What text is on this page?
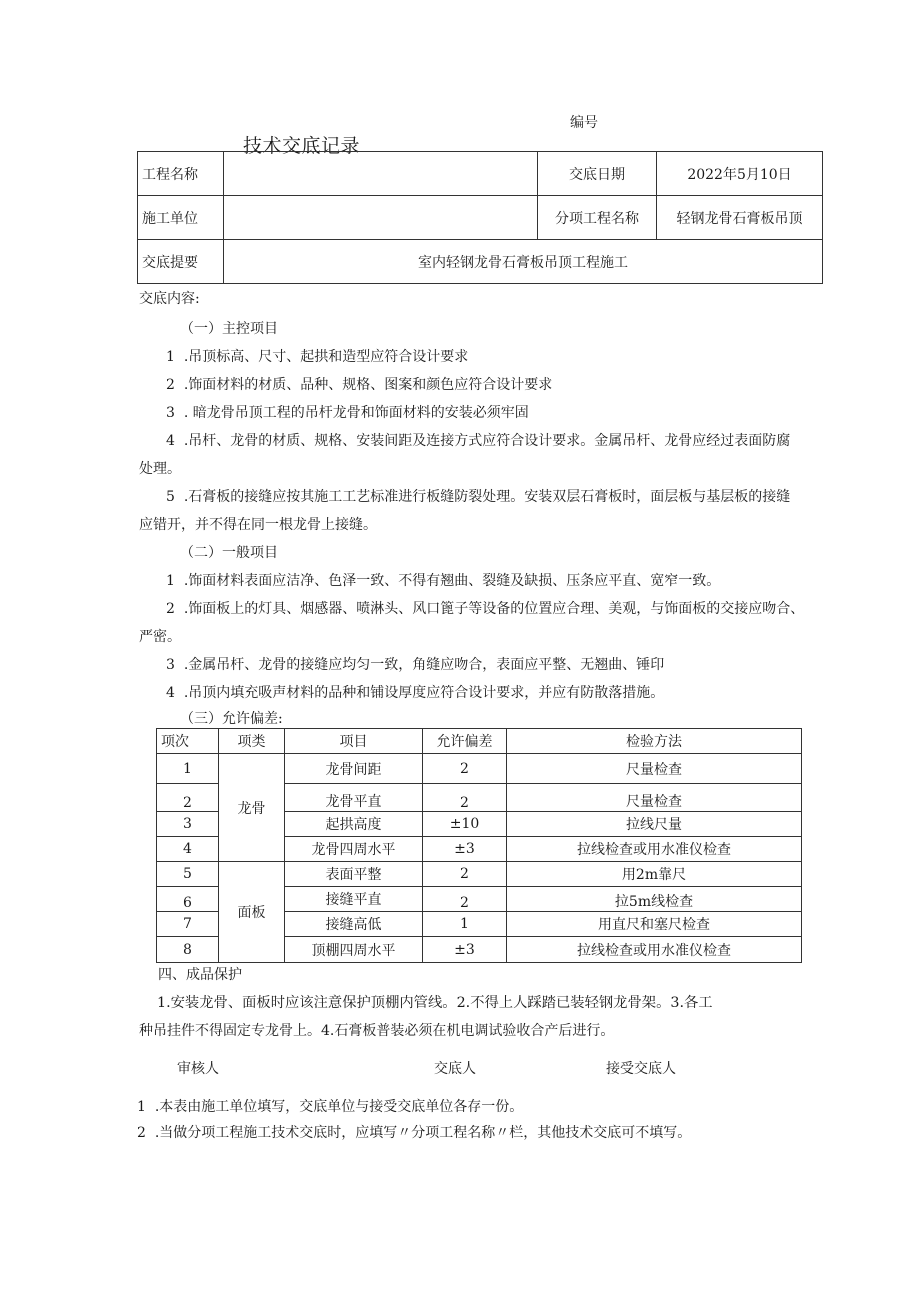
编号
技术交底记录
工程名称		交底日期	2022年5月10日
施工单位		分项工程名称	轻钢龙骨石膏板吊顶
交底提要	室内轻钢龙骨石膏板吊顶工程施工		
交底内容:
（一）主控项目
1 .吊顶标高、尺寸、起拱和造型应符合设计要求
2 .饰面材料的材质、品种、规格、图案和颜色应符合设计要求
3 . 暗龙骨吊顶工程的吊杆龙骨和饰面材料的安装必须牢固
4 .吊杆、龙骨的材质、规格、安装间距及连接方式应符合设计要求。金属吊杆、龙骨应经过表面防腐
处理。
5 .石膏板的接缝应按其施工工艺标准进行板缝防裂处理。安装双层石膏板时，面层板与基层板的接缝
应错开，并不得在同一根龙骨上接缝。
（二）一般项目
1 .饰面材料表面应洁净、色泽一致、不得有翘曲、裂缝及缺损、压条应平直、宽窄一致。
2 .饰面板上的灯具、烟感器、喷淋头、风口篦子等设备的位置应合理、美观，与饰面板的交接应吻合、
严密。
3 .金属吊杆、龙骨的接缝应均匀一致，角缝应吻合，表面应平整、无翘曲、锤印
4 .吊顶内填充吸声材料的品种和铺设厚度应符合设计要求，并应有防散落措施。
（三）允许偏差:
项次	项类	项目	允许偏差	检验方法
1	龙骨	龙骨间距	2	尺量检查
2		龙骨平直	2	尺量检查
3		起拱高度	±10	拉线尺量
4		龙骨四周水平	±3	拉线检查或用水准仪检查
5	面板	表面平整	2	用2m靠尺
6		接缝平直	2	拉5m线检查
7		接缝高低	1	用直尺和塞尺检查
8		顶棚四周水平	±3	拉线检查或用水准仪检查
四、成品保护
1.安装龙骨、面板时应该注意保护顶棚内管线。2.不得上人踩踏已装轻钢龙骨架。3.各工
种吊挂件不得固定专龙骨上。4.石膏板普装必须在机电调试验收合产后进行。
审核人	交底人	接受交底人
1 .本表由施工单位填写，交底单位与接受交底单位各存一份。
2 .当做分项工程施工技术交底时，应填写〃分项工程名称〃栏，其他技术交底可不填写。
